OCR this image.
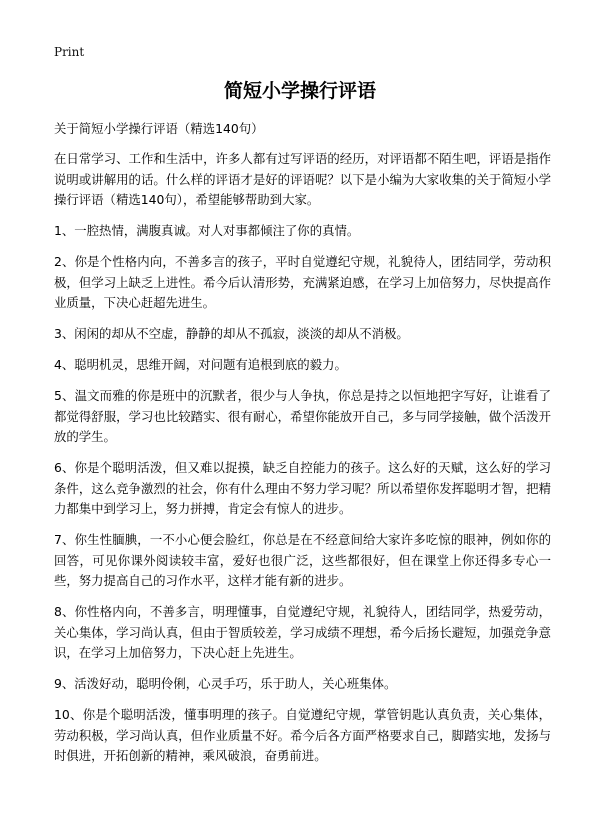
Print
简短小学操行评语

关于简短小学操行评语（精选140句）

在日常学习、工作和生活中，许多人都有过写评语的经历，对评语都不陌生吧，评语是指作说明或讲解用的话。什么样的评语才是好的评语呢？以下是小编为大家收集的关于简短小学操行评语（精选140句），希望能够帮助到大家。

1、一腔热情，满腹真诚。对人对事都倾注了你的真情。

2、你是个性格内向，不善多言的孩子，平时自觉遵纪守规，礼貌待人，团结同学，劳动积极，但学习上缺乏上进性。希今后认清形势，充满紧迫感，在学习上加倍努力，尽快提高作业质量，下决心赶超先进生。

3、闲闲的却从不空虚，静静的却从不孤寂，淡淡的却从不消极。

4、聪明机灵，思维开阔，对问题有追根到底的毅力。

5、温文而雅的你是班中的沉默者，很少与人争执，你总是持之以恒地把字写好，让谁看了都觉得舒服，学习也比较踏实、很有耐心，希望你能放开自己，多与同学接触，做个活泼开放的学生。

6、你是个聪明活泼，但又难以捉摸，缺乏自控能力的孩子。这么好的天赋，这么好的学习条件，这么竞争激烈的社会，你有什么理由不努力学习呢？所以希望你发挥聪明才智，把精力都集中到学习上，努力拼搏，肯定会有惊人的进步。

7、你生性腼腆，一不小心便会脸红，你总是在不经意间给大家许多吃惊的眼神，例如你的回答，可见你课外阅读较丰富，爱好也很广泛，这些都很好，但在课堂上你还得多专心一些，努力提高自己的习作水平，这样才能有新的进步。

8、你性格内向，不善多言，明理懂事，自觉遵纪守规，礼貌待人，团结同学，热爱劳动，关心集体，学习尚认真，但由于智质较差，学习成绩不理想，希今后扬长避短，加强竞争意识，在学习上加倍努力，下决心赶上先进生。

9、活泼好动，聪明伶俐，心灵手巧，乐于助人，关心班集体。

10、你是个聪明活泼，懂事明理的孩子。自觉遵纪守规，掌管钥匙认真负责，关心集体，劳动积极，学习尚认真，但作业质量不好。希今后各方面严格要求自己，脚踏实地，发扬与时俱进，开拓创新的精神，乘风破浪，奋勇前进。
